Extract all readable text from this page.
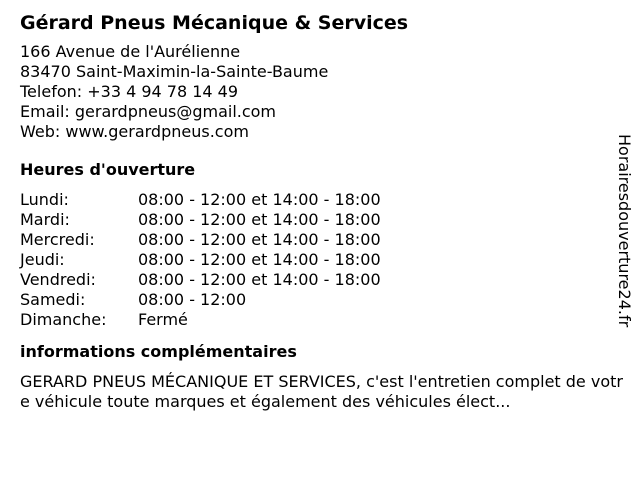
Gérard Pneus Mécanique & Services
166 Avenue de l'Aurélienne
83470 Saint-Maximin-la-Sainte-Baume
Telefon: +33 4 94 78 14 49
Email: gerardpneus@gmail.com
Web: www.gerardpneus.com
Heures d'ouverture
Lundi:	08:00 - 12:00 et 14:00 - 18:00
Mardi:	08:00 - 12:00 et 14:00 - 18:00
Mercredi:	08:00 - 12:00 et 14:00 - 18:00
Jeudi:	08:00 - 12:00 et 14:00 - 18:00
Vendredi:	08:00 - 12:00 et 14:00 - 18:00
Samedi:	08:00 - 12:00
Dimanche:	Fermé
informations complémentaires
GERARD PNEUS MÉCANIQUE ET SERVICES, c'est l'entretien complet de votre véhicule toute marques et également des véhicules élect...
Horairesdouverture24.fr
